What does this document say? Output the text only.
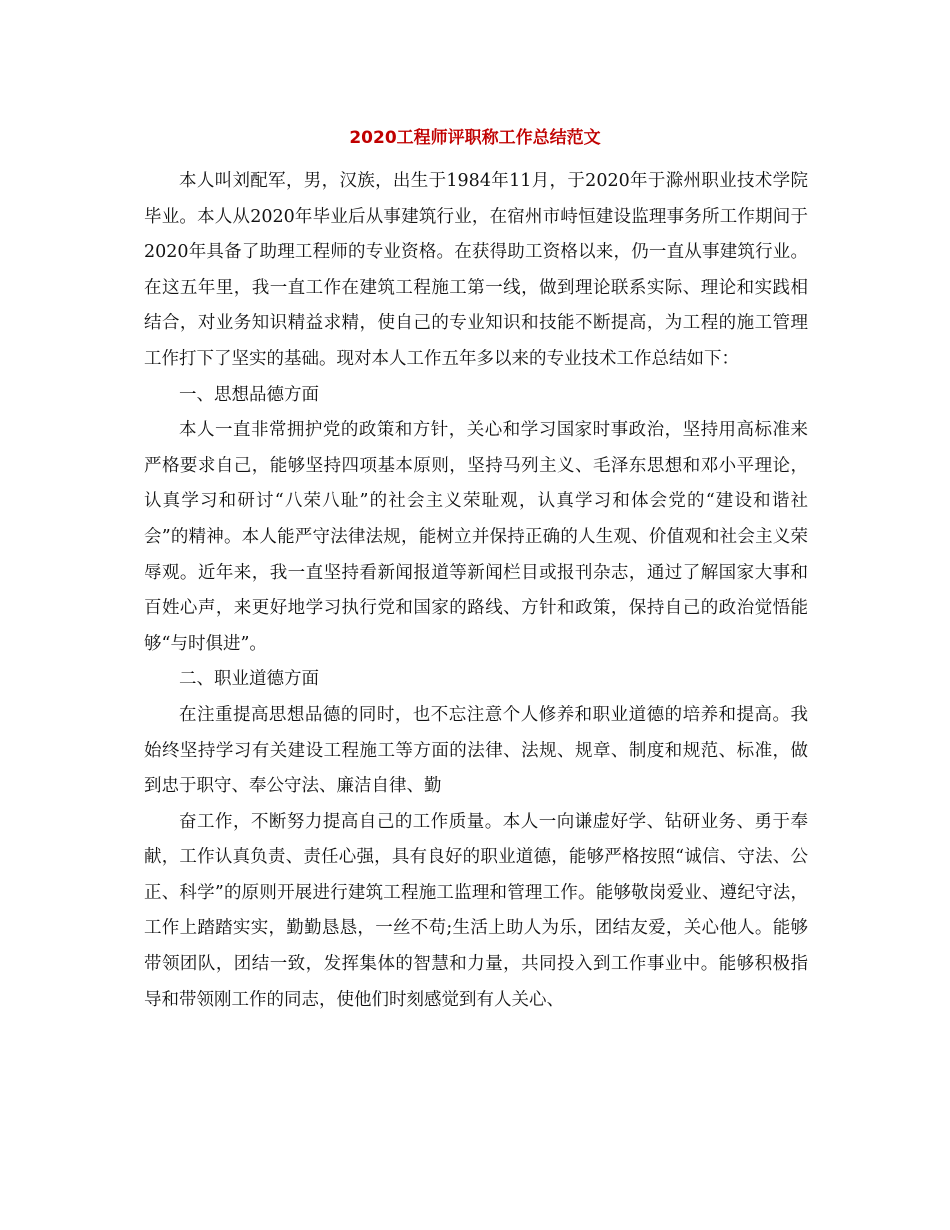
2020工程师评职称工作总结范文

本人叫刘配军，男，汉族，出生于1984年11月，于2020年于滁州职业技术学院毕业。本人从2020年毕业后从事建筑行业，在宿州市峙恒建设监理事务所工作期间于2020年具备了助理工程师的专业资格。在获得助工资格以来，仍一直从事建筑行业。在这五年里，我一直工作在建筑工程施工第一线，做到理论联系实际、理论和实践相结合，对业务知识精益求精，使自己的专业知识和技能不断提高，为工程的施工管理工作打下了坚实的基础。现对本人工作五年多以来的专业技术工作总结如下：

一、思想品德方面

本人一直非常拥护党的政策和方针，关心和学习国家时事政治，坚持用高标准来严格要求自己，能够坚持四项基本原则，坚持马列主义、毛泽东思想和邓小平理论，认真学习和研讨“八荣八耻”的社会主义荣耻观，认真学习和体会党的“建设和谐社会”的精神。本人能严守法律法规，能树立并保持正确的人生观、价值观和社会主义荣辱观。近年来，我一直坚持看新闻报道等新闻栏目或报刊杂志，通过了解国家大事和百姓心声，来更好地学习执行党和国家的路线、方针和政策，保持自己的政治觉悟能够“与时俱进”。

二、职业道德方面

在注重提高思想品德的同时，也不忘注意个人修养和职业道德的培养和提高。我始终坚持学习有关建设工程施工等方面的法律、法规、规章、制度和规范、标准，做到忠于职守、奉公守法、廉洁自律、勤

奋工作，不断努力提高自己的工作质量。本人一向谦虚好学、钻研业务、勇于奉献，工作认真负责、责任心强，具有良好的职业道德，能够严格按照“诚信、守法、公正、科学”的原则开展进行建筑工程施工监理和管理工作。能够敬岗爱业、遵纪守法，工作上踏踏实实，勤勤恳恳，一丝不苟;生活上助人为乐，团结友爱，关心他人。能够带领团队，团结一致，发挥集体的智慧和力量，共同投入到工作事业中。能够积极指导和带领刚工作的同志，使他们时刻感觉到有人关心、
